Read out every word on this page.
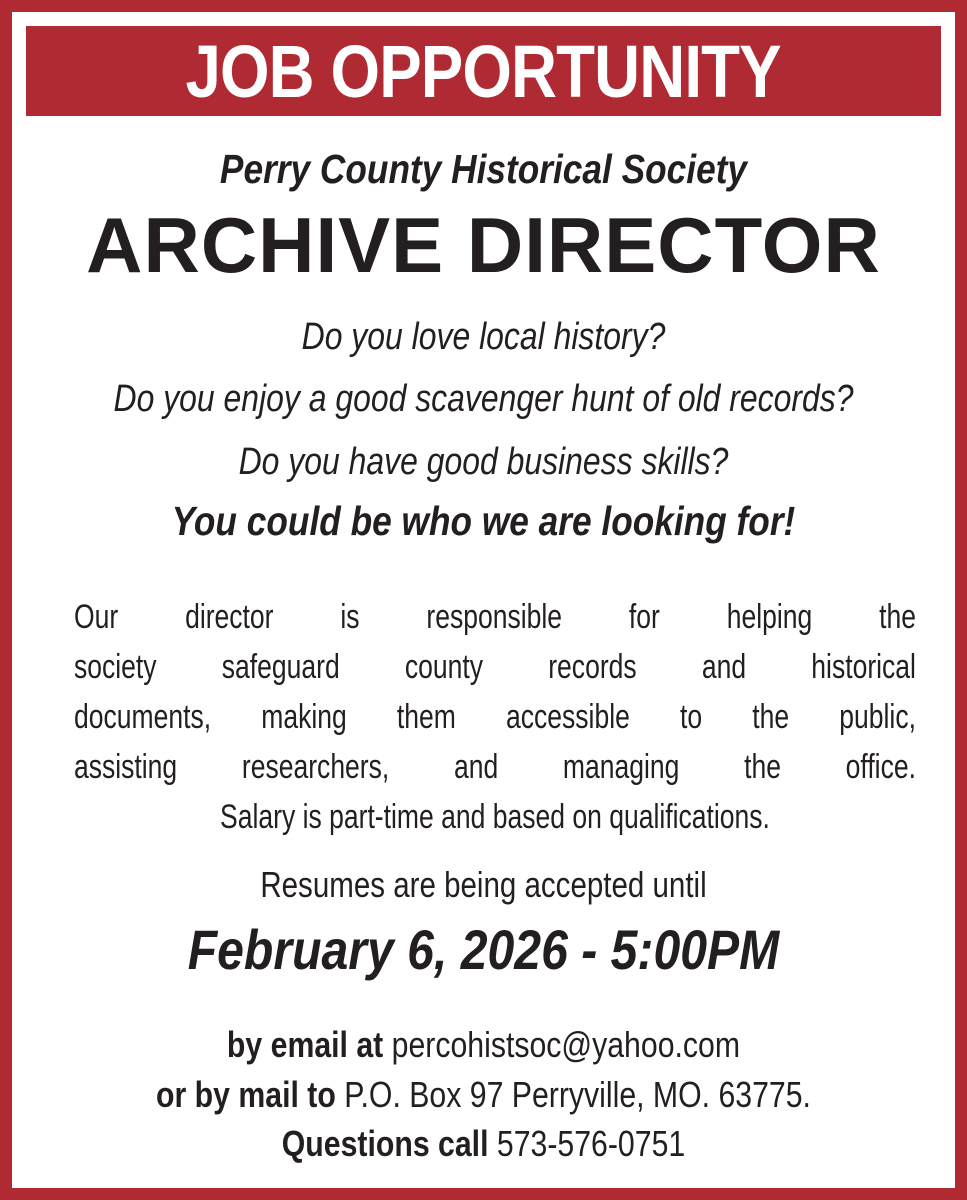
JOB OPPORTUNITY
Perry County Historical Society
ARCHIVE DIRECTOR
Do you love local history?
Do you enjoy a good scavenger hunt of old records?
Do you have good business skills?
You could be who we are looking for!
Our director is responsible for helping the
society safeguard county records and historical
documents, making them accessible to the public,
assisting researchers, and managing the office.
Salary is part-time and based on qualifications.
Resumes are being accepted until
February 6, 2026 - 5:00PM
by email at percohistsoc@yahoo.com
or by mail to P.O. Box 97 Perryville, MO. 63775.
Questions call 573-576-0751
